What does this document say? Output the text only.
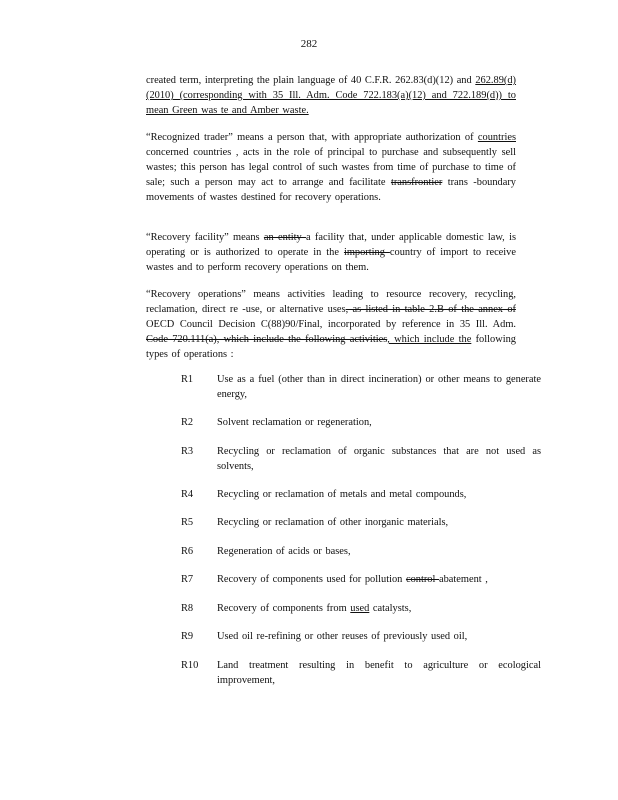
282
created term, interpreting the plain language of 40 C.F.R. 262.83(d)(12) and 262.89(d) (2010) (corresponding with 35 Ill. Adm. Code 722.183(a)(12) and 722.189(d)) to mean Green was te and Amber waste.
“Recognized trader” means a person that, with appropriate authorization of countries concerned countries , acts in the role of principal to purchase and subsequently sell wastes; this person has legal control of such wastes from time of purchase to time of sale; such a person may act to arrange and facilitate transfrontier trans -boundary movements of wastes destined for recovery operations.
“Recovery facility” means an entity a facility that, under applicable domestic law, is operating or is authorized to operate in the importing country of import to receive wastes and to perform recovery operations on them.
“Recovery operations” means activities leading to resource recovery, recycling, reclamation, direct re -use, or alternative uses, as listed in table 2.B of the annex of OECD Council Decision C(88)90/Final, incorporated by reference in 35 Ill. Adm. Code 720.111(a), which include the following activities, which include the following types of operations :
R1	Use as a fuel (other than in direct incineration) or other means to generate energy,
R2	Solvent reclamation or regeneration,
R3	Recycling or reclamation of organic substances that are not used as solvents,
R4	Recycling or reclamation of metals and metal compounds,
R5	Recycling or reclamation of other inorganic materials,
R6	Regeneration of acids or bases,
R7	Recovery of components used for pollution control abatement ,
R8	Recovery of components from used catalysts,
R9	Used oil re-refining or other reuses of previously used oil,
R10	Land treatment resulting in benefit to agriculture or ecological improvement,
